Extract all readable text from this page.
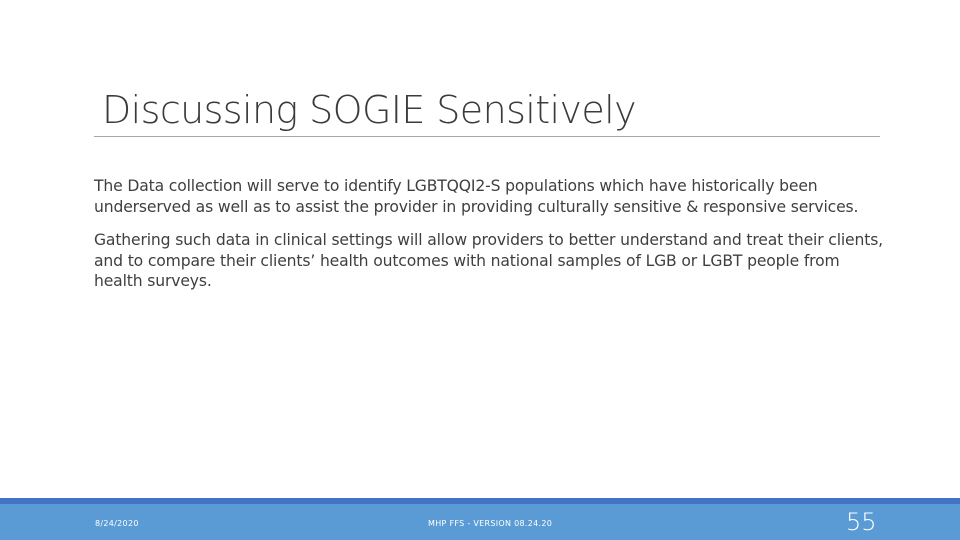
Discussing SOGIE Sensitively

The Data collection will serve to identify LGBTQQI2-S populations which have historically been underserved as well as to assist the provider in providing culturally sensitive & responsive services.

Gathering such data in clinical settings will allow providers to better understand and treat their clients, and to compare their clients’ health outcomes with national samples of LGB or LGBT people from health surveys.

8/24/2020	MHP FFS - VERSION 08.24.20	55
